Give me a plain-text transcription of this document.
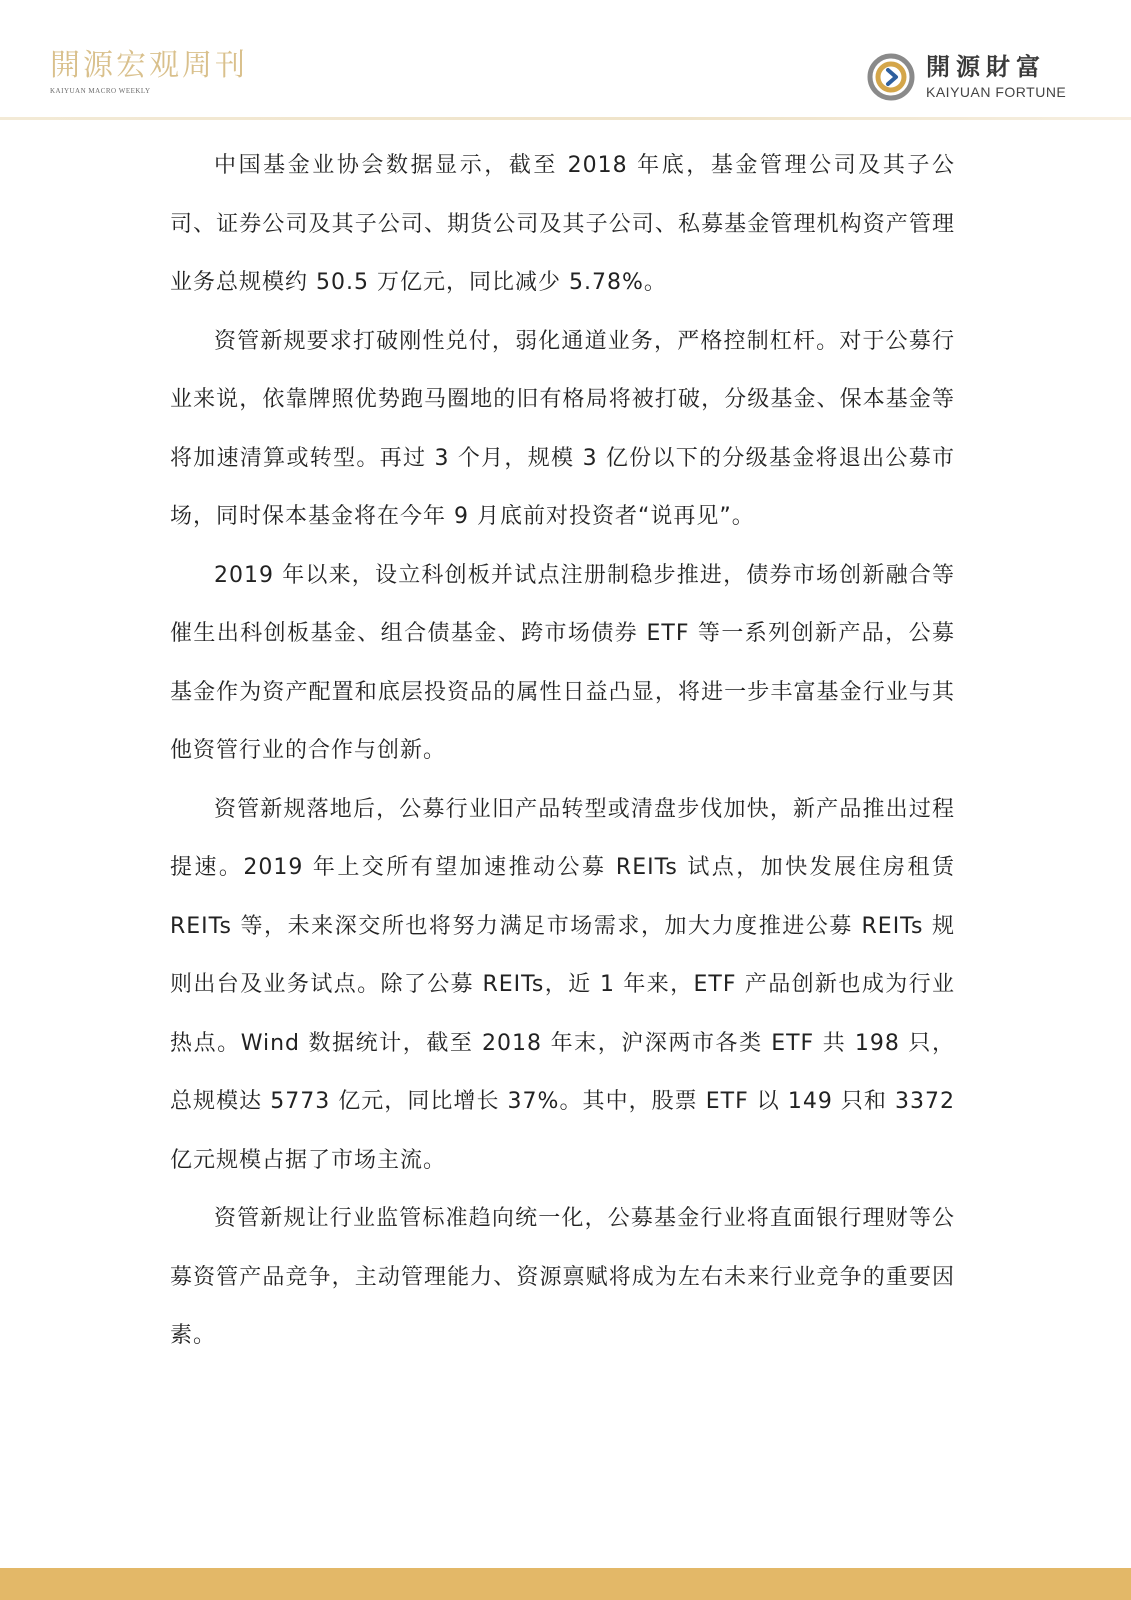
開源宏观周刊
KAIYUAN MACRO WEEKLY
開源財富
KAIYUAN FORTUNE

中国基金业协会数据显示，截至 2018 年底，基金管理公司及其子公司、证券公司及其子公司、期货公司及其子公司、私募基金管理机构资产管理业务总规模约 50.5 万亿元，同比减少 5.78%。

资管新规要求打破刚性兑付，弱化通道业务，严格控制杠杆。对于公募行业来说，依靠牌照优势跑马圈地的旧有格局将被打破，分级基金、保本基金等将加速清算或转型。再过 3 个月，规模 3 亿份以下的分级基金将退出公募市场，同时保本基金将在今年 9 月底前对投资者“说再见”。

2019 年以来，设立科创板并试点注册制稳步推进，债券市场创新融合等催生出科创板基金、组合债基金、跨市场债券 ETF 等一系列创新产品，公募基金作为资产配置和底层投资品的属性日益凸显，将进一步丰富基金行业与其他资管行业的合作与创新。

资管新规落地后，公募行业旧产品转型或清盘步伐加快，新产品推出过程提速。2019 年上交所有望加速推动公募 REITs 试点，加快发展住房租赁 REITs 等，未来深交所也将努力满足市场需求，加大力度推进公募 REITs 规则出台及业务试点。除了公募 REITs，近 1 年来，ETF 产品创新也成为行业热点。Wind 数据统计，截至 2018 年末，沪深两市各类 ETF 共 198 只，总规模达 5773 亿元，同比增长 37%。其中，股票 ETF 以 149 只和 3372 亿元规模占据了市场主流。

资管新规让行业监管标准趋向统一化，公募基金行业将直面银行理财等公募资管产品竞争，主动管理能力、资源禀赋将成为左右未来行业竞争的重要因素。
